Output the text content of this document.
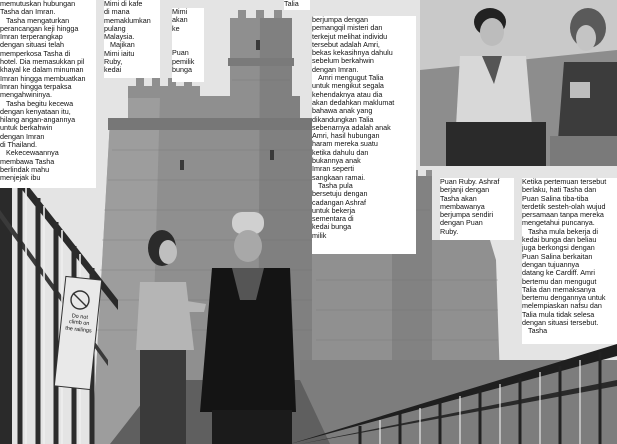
memutuskan hubungan
Tasha dan Imran.
Tasha mengaturkan
perancangan keji hingga
Imran terperangkap
dengan situasi telah
memperkosa Tasha di
hotel. Dia memasukkan pil
khayal ke dalam minuman
Imran hingga membuatkan
Imran hingga terpaksa
mengahwininya.
Tasha begitu kecewa
dengan kenyataan itu,
hilang angan-angannya
untuk berkahwin
dengan Imran
di Thailand.
Kekecewaannya
membawa Tasha
berlindak mahu
menjejak ibu
Mimi di kafe
di mana
memaklumkan
pulang
Malaysia.
Majikan
Mimi iaitu
Ruby,
kedai
Mimi
akan
ke

Puan
pemilik
bunga
Talia
berjumpa dengan
pemangqil misteri dan
terkejut melihat individu
tersebut adalah Amri,
bekas kekasihnya dahulu
sebelum berkahwin
dengan Imran.
Amri mengugut Talia
untuk mengikut segala
kehendaknya atau dia
akan dedahkan maklumat
bahawa anak yang
dikandungkan Talia
sebenarnya adalah anak
Amri, hasil hubungan
haram mereka suatu
ketika dahulu dan
bukannya anak
Imran seperti
sangkaan ramai.
Tasha pula
bersetuju dengan
cadangan Ashraf
untuk bekerja
sementara di
kedai bunga
milik
Puan Ruby. Ashraf
berjanji dengan
Tasha akan
membawanya
berjumpa sendiri
dengan Puan
Ruby.
Ketika pertemuan tersebut
berlaku, hati Tasha dan
Puan Salina tiba-tiba
terdetik sesteh-olah wujud
persamaan tanpa mereka
mengetahui puncanya.
Tasha mula bekerja di
kedai bunga dan beliau
juga berkongsi dengan
Puan Salina berkaitan
dengan tujuannya
datang ke Cardiff. Amri
bertemu dan mengugut
Talia dan memaksanya
bertemu dengannya untuk
melempiaskan nafsu dan
Talia mula tidak selesa
dengan situasi tersebut.
Tasha
Do not
climb on
the railings
